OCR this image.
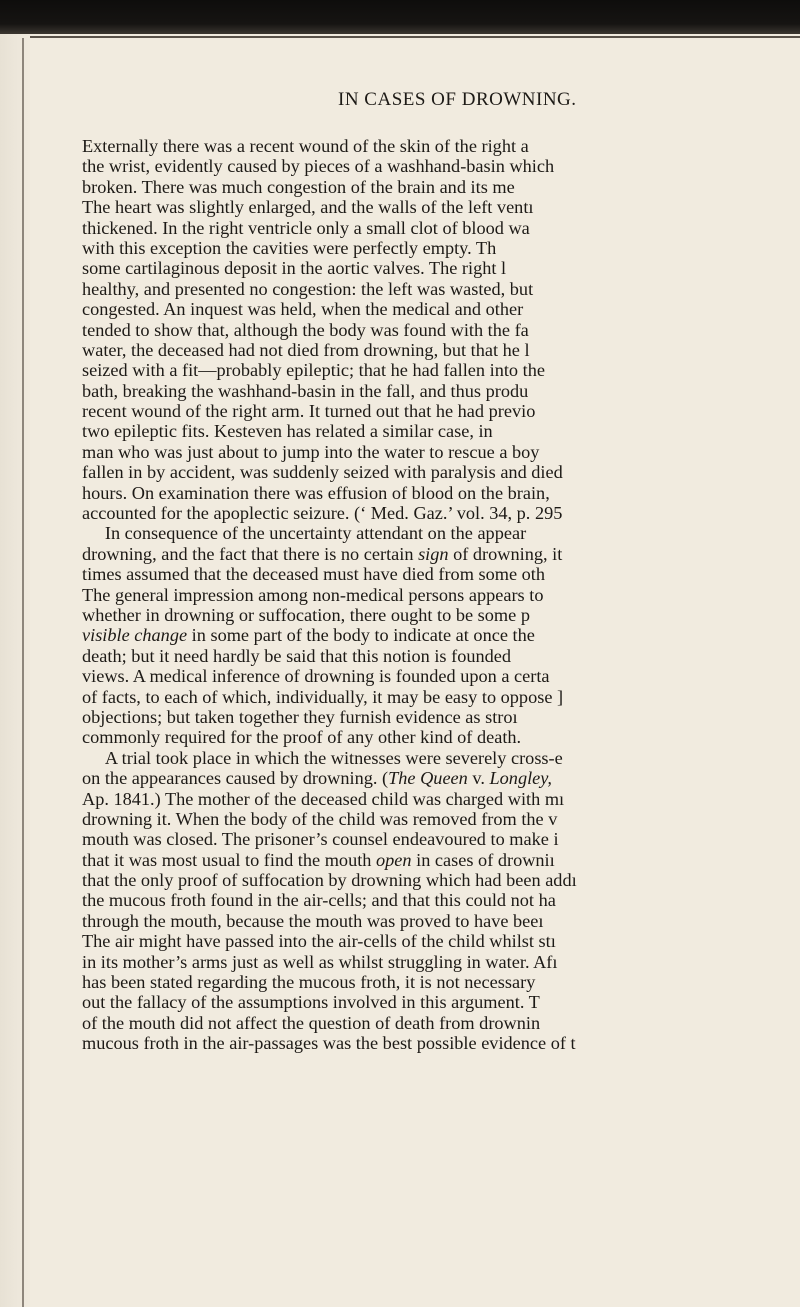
IN CASES OF DROWNING.
Externally there was a recent wound of the skin of the right a
the wrist, evidently caused by pieces of a washhand-basin which
broken. There was much congestion of the brain and its me
The heart was slightly enlarged, and the walls of the left ventı
thickened. In the right ventricle only a small clot of blood wa
with this exception the cavities were perfectly empty. Th
some cartilaginous deposit in the aortic valves. The right l
healthy, and presented no congestion: the left was wasted, but
congested. An inquest was held, when the medical and other
tended to show that, although the body was found with the fa
water, the deceased had not died from drowning, but that he l
seized with a fit—probably epileptic; that he had fallen into the
bath, breaking the washhand-basin in the fall, and thus produ
recent wound of the right arm. It turned out that he had previo
two epileptic fits. Kesteven has related a similar case, in
man who was just about to jump into the water to rescue a boy
fallen in by accident, was suddenly seized with paralysis and died
hours. On examination there was effusion of blood on the brain,
accounted for the apoplectic seizure. (‘ Med. Gaz.’ vol. 34, p. 295
  In consequence of the uncertainty attendant on the appear
drowning, and the fact that there is no certain sign of drowning, it
times assumed that the deceased must have died from some oth
The general impression among non-medical persons appears to
whether in drowning or suffocation, there ought to be some p
visible change in some part of the body to indicate at once the
death; but it need hardly be said that this notion is founded
views. A medical inference of drowning is founded upon a certa
of facts, to each of which, individually, it may be easy to oppose ]
objections; but taken together they furnish evidence as stroı
commonly required for the proof of any other kind of death.
  A trial took place in which the witnesses were severely cross-e
on the appearances caused by drowning. (The Queen v. Longley,
Ap. 1841.) The mother of the deceased child was charged with mı
drowning it. When the body of the child was removed from the v
mouth was closed. The prisoner’s counsel endeavoured to make i
that it was most usual to find the mouth open in cases of drowniı
that the only proof of suffocation by drowning which had been addı
the mucous froth found in the air-cells; and that this could not ha
through the mouth, because the mouth was proved to have beeı
The air might have passed into the air-cells of the child whilst stı
in its mother’s arms just as well as whilst struggling in water. Afı
has been stated regarding the mucous froth, it is not necessary
out the fallacy of the assumptions involved in this argument. T
of the mouth did not affect the question of death from drownin
mucous froth in the air-passages was the best possible evidence of t
